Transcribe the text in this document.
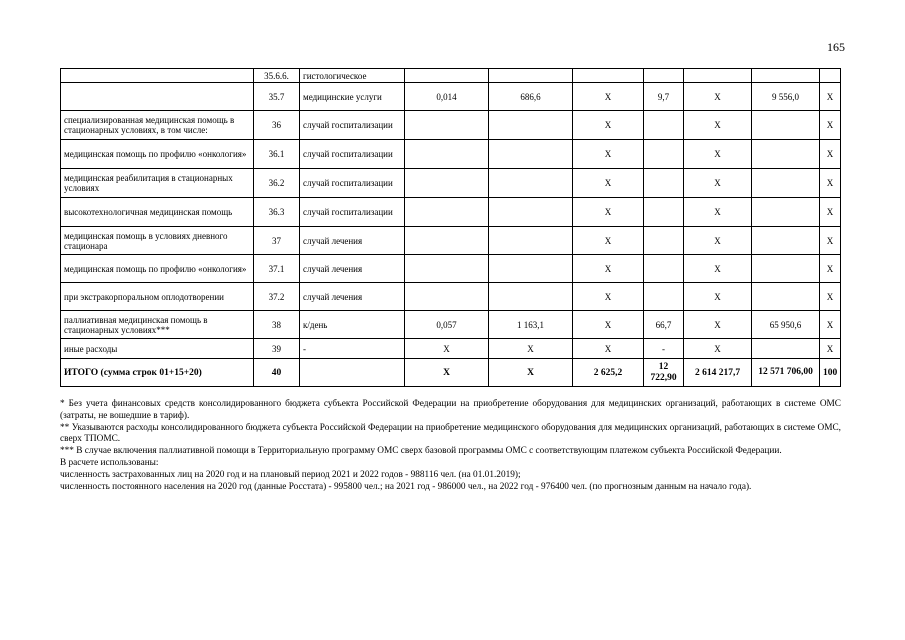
165
	35.6.6.	гистологическое							
	35.7	медицинские услуги	0,014	686,6	Х	9,7	Х	9 556,0	Х
специализированная медицинская помощь в стационарных условиях, в том числе:	36	случай госпитализации			Х		Х		Х
медицинская помощь по профилю «онкология»	36.1	случай госпитализации			Х		Х		Х
медицинская реабилитация в стационарных условиях	36.2	случай госпитализации			Х		Х		Х
высокотехнологичная медицинская помощь	36.3	случай госпитализации			Х		Х		Х
медицинская помощь в условиях дневного стационара	37	случай лечения			Х		Х		Х
медицинская помощь по профилю «онкология»	37.1	случай лечения			Х		Х		Х
при экстракорпоральном оплодотворении	37.2	случай лечения			Х		Х		Х
паллиативная медицинская помощь в стационарных условиях***	38	к/день	0,057	1 163,1	Х	66,7	Х	65 950,6	Х
иные расходы	39	-	Х	Х	Х	-	Х		Х
ИТОГО (сумма строк 01+15+20)	40		Х	Х	2 625,2	12 722,90	2 614 217,7	12 571 706,00	100

* Без учета финансовых средств консолидированного бюджета субъекта Российской Федерации на приобретение оборудования для медицинских организаций, работающих в системе ОМС (затраты, не вошедшие в тариф).

** Указываются расходы консолидированного бюджета субъекта Российской Федерации на приобретение медицинского оборудования для медицинских организаций, работающих в системе ОМС, сверх ТПОМС.

*** В случае включения паллиативной помощи в Территориальную программу ОМС сверх базовой программы ОМС с соответствующим платежом субъекта Российской Федерации.

В расчете использованы:

численность застрахованных лиц на 2020 год и на плановый период 2021 и 2022 годов - 988116 чел. (на 01.01.2019);

численность постоянного населения на 2020 год (данные Росстата) - 995800 чел.; на 2021 год - 986000 чел., на 2022 год - 976400 чел. (по прогнозным данным на начало года).
